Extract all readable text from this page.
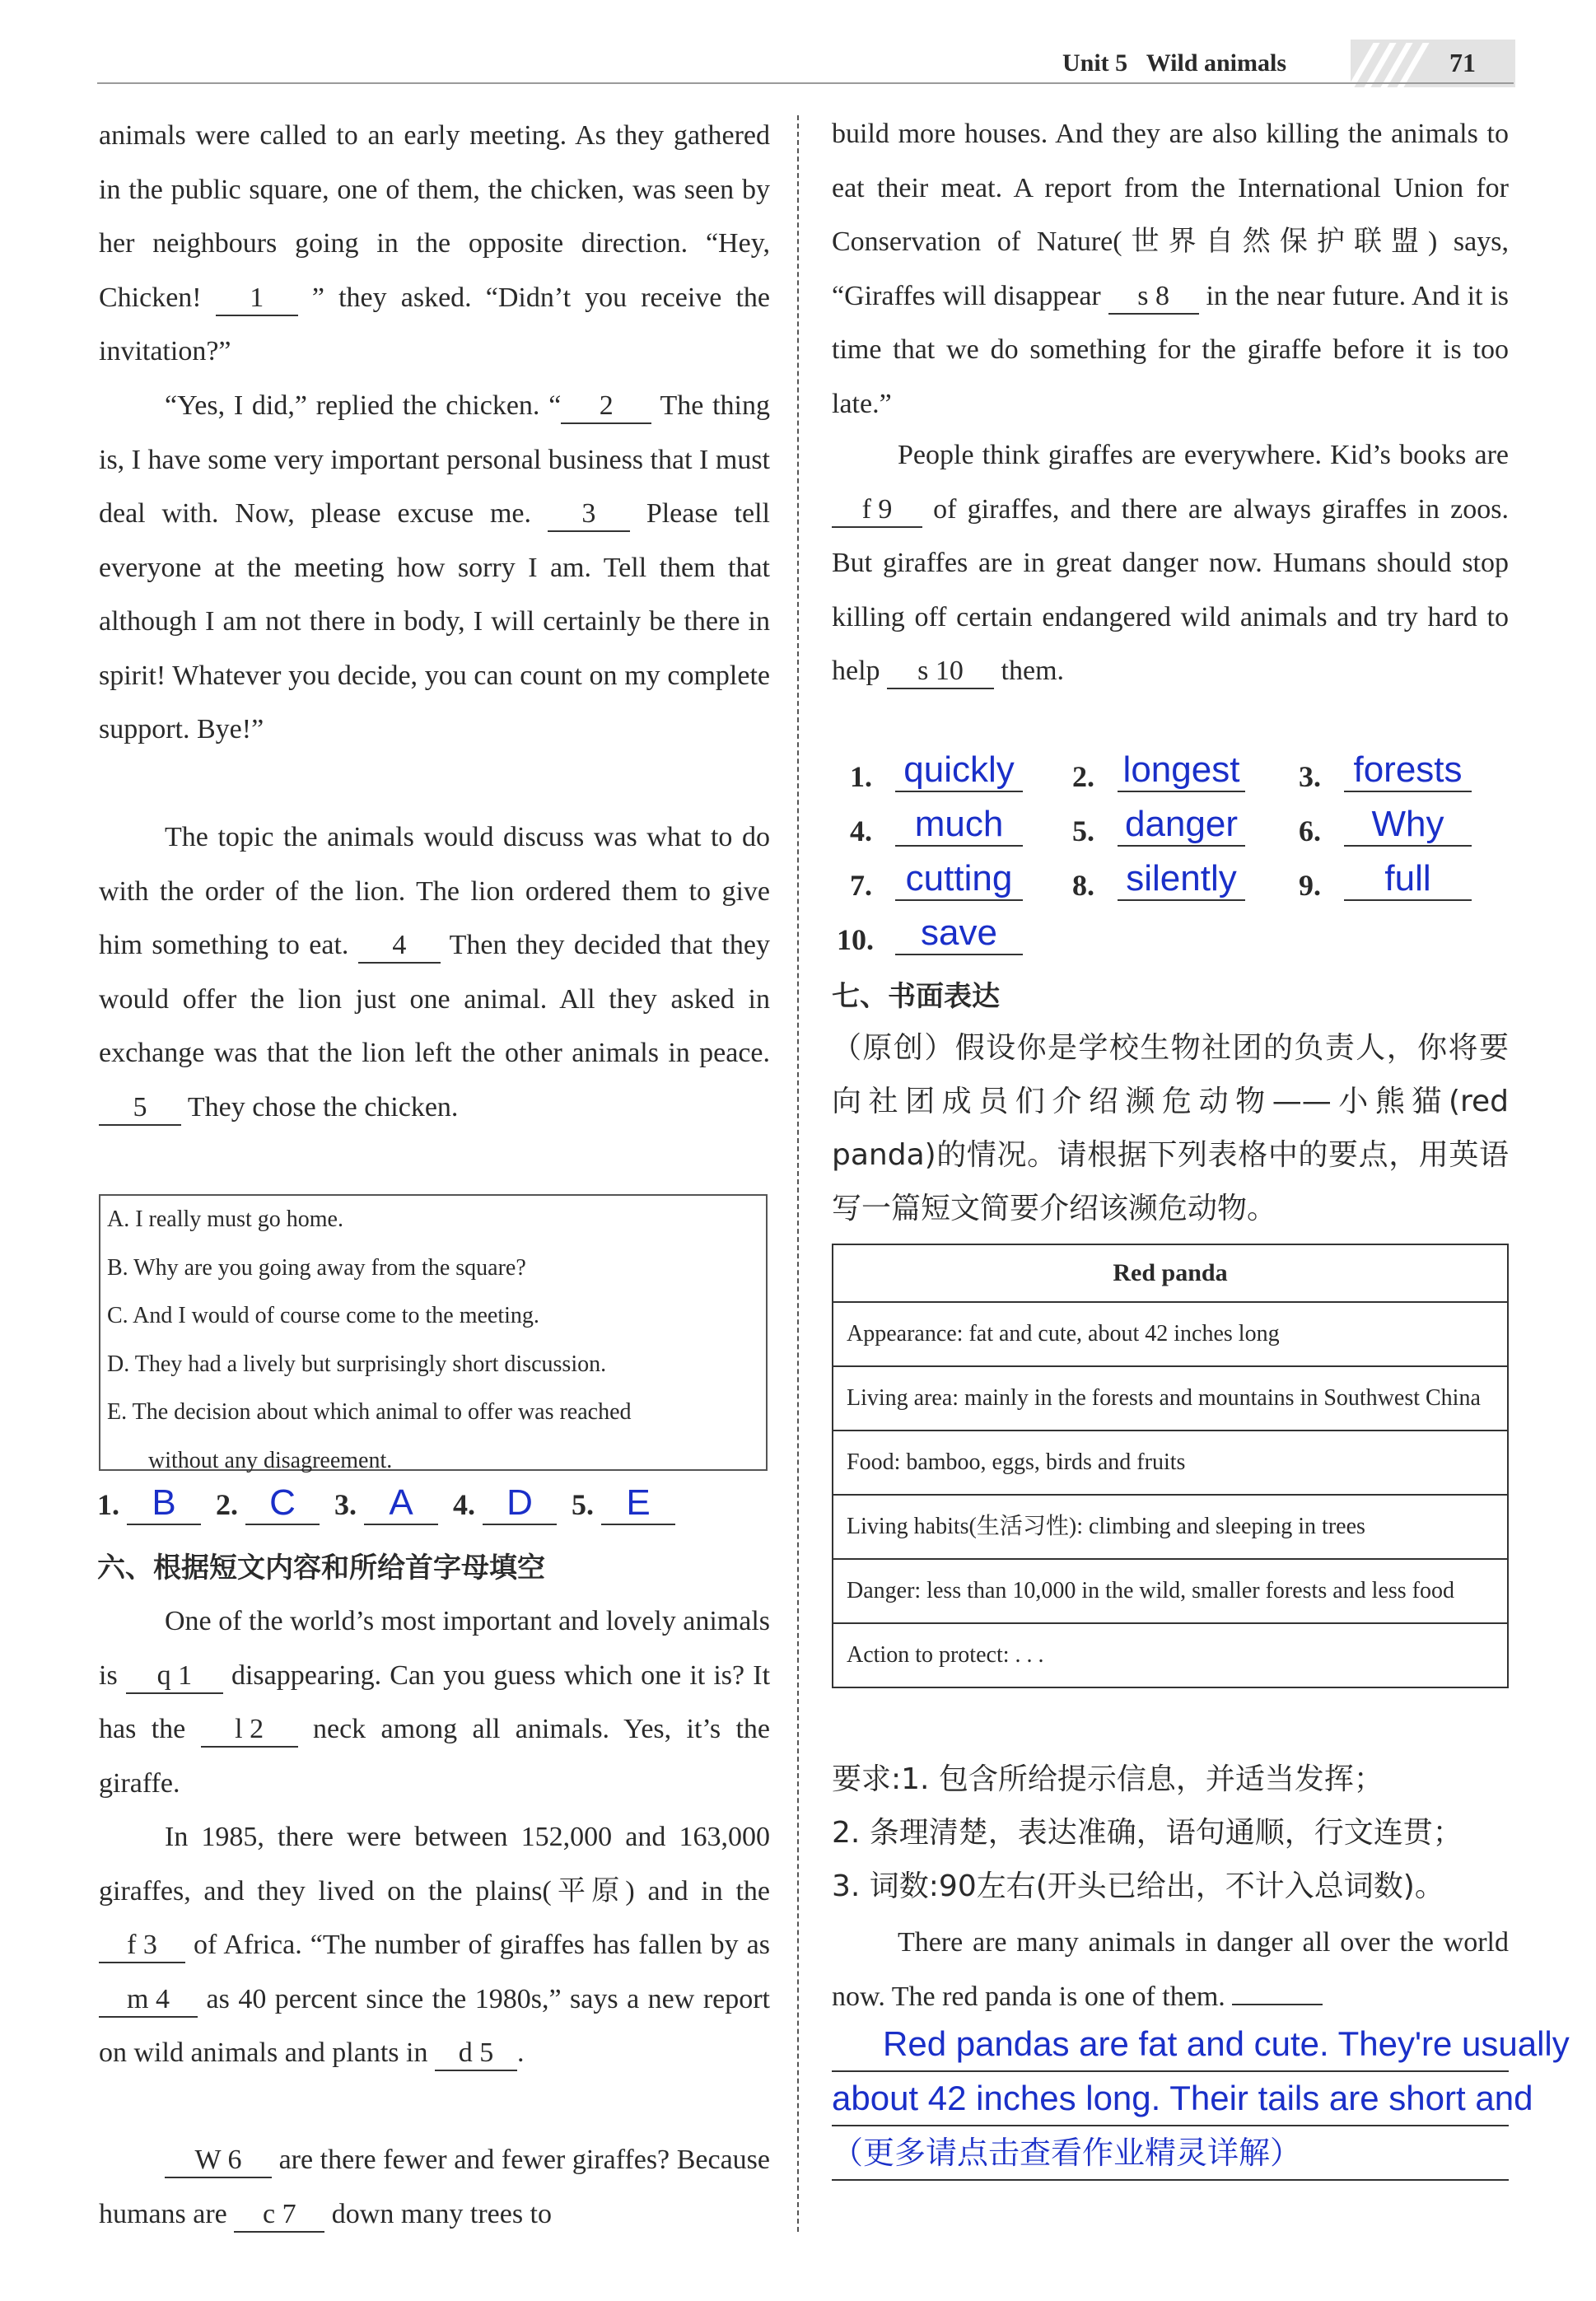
Unit 5 Wild animals	71
animals were called to an early meeting. As they gathered in the public square, one of them, the chicken, was seen by her neighbours going in the opposite direction. “Hey, Chicken! 1 ” they asked. “Didn’t you receive the invitation?”
“Yes, I did,” replied the chicken. “ 2 The thing is, I have some very important personal business that I must deal with. Now, please excuse me. 3 Please tell everyone at the meeting how sorry I am. Tell them that although I am not there in body, I will certainly be there in spirit! Whatever you decide, you can count on my complete support. Bye!”
The topic the animals would discuss was what to do with the order of the lion. The lion ordered them to give him something to eat. 4 Then they decided that they would offer the lion just one animal. All they asked in exchange was that the lion left the other animals in peace. 5 They chose the chicken.
A. I really must go home.
B. Why are you going away from the square?
C. And I would of course come to the meeting.
D. They had a lively but surprisingly short discussion.
E. The decision about which animal to offer was reached
without any disagreement.
1. B 2. C 3. A 4. D 5. E
六、根据短文内容和所给首字母填空
One of the world’s most important and lovely animals is q 1 disappearing. Can you guess which one it is? It has the l 2 neck among all animals. Yes, it’s the giraffe.
In 1985, there were between 152,000 and 163,000 giraffes, and they lived on the plains(平原) and in the f 3 of Africa. “The number of giraffes has fallen by as m 4 as 40 percent since the 1980s,” says a new report on wild animals and plants in d 5 .
W 6 are there fewer and fewer giraffes? Because humans are c 7 down many trees to
build more houses. And they are also killing the animals to eat their meat. A report from the International Union for Conservation of Nature(世界自然保护联盟) says, “Giraffes will disappear s 8 in the near future. And it is time that we do something for the giraffe before it is too late.”
People think giraffes are everywhere. Kid’s books are f 9 of giraffes, and there are always giraffes in zoos. But giraffes are in great danger now. Humans should stop killing off certain endangered wild animals and try hard to help s 10 them.
1. quickly 2. longest 3. forests
4.	much	5. danger 6.	Why
7. cutting	8. silently 9.	full
10.	save
七、书面表达
（原创）假设你是学校生物社团的负责人，你将要向社团成员们介绍濒危动物——小熊猫(red panda)的情况。请根据下列表格中的要点，用英语写一篇短文简要介绍该濒危动物。
Red panda
Appearance: fat and cute, about 42 inches long
Living area: mainly in the forests and mountains in Southwest China
Food: bamboo, eggs, birds and fruits
Living habits(生活习性): climbing and sleeping in trees
Danger: less than 10,000 in the wild, smaller forests and less food
Action to protect: . . .
要求:1. 包含所给提示信息，并适当发挥；
2. 条理清楚，表达准确，语句通顺，行文连贯；
3. 词数:90左右(开头已给出，不计入总词数)。
There are many animals in danger all over the world now. The red panda is one of them.
Red pandas are fat and cute. They're usually
about 42 inches long. Their tails are short and
（更多请点击查看作业精灵详解）
